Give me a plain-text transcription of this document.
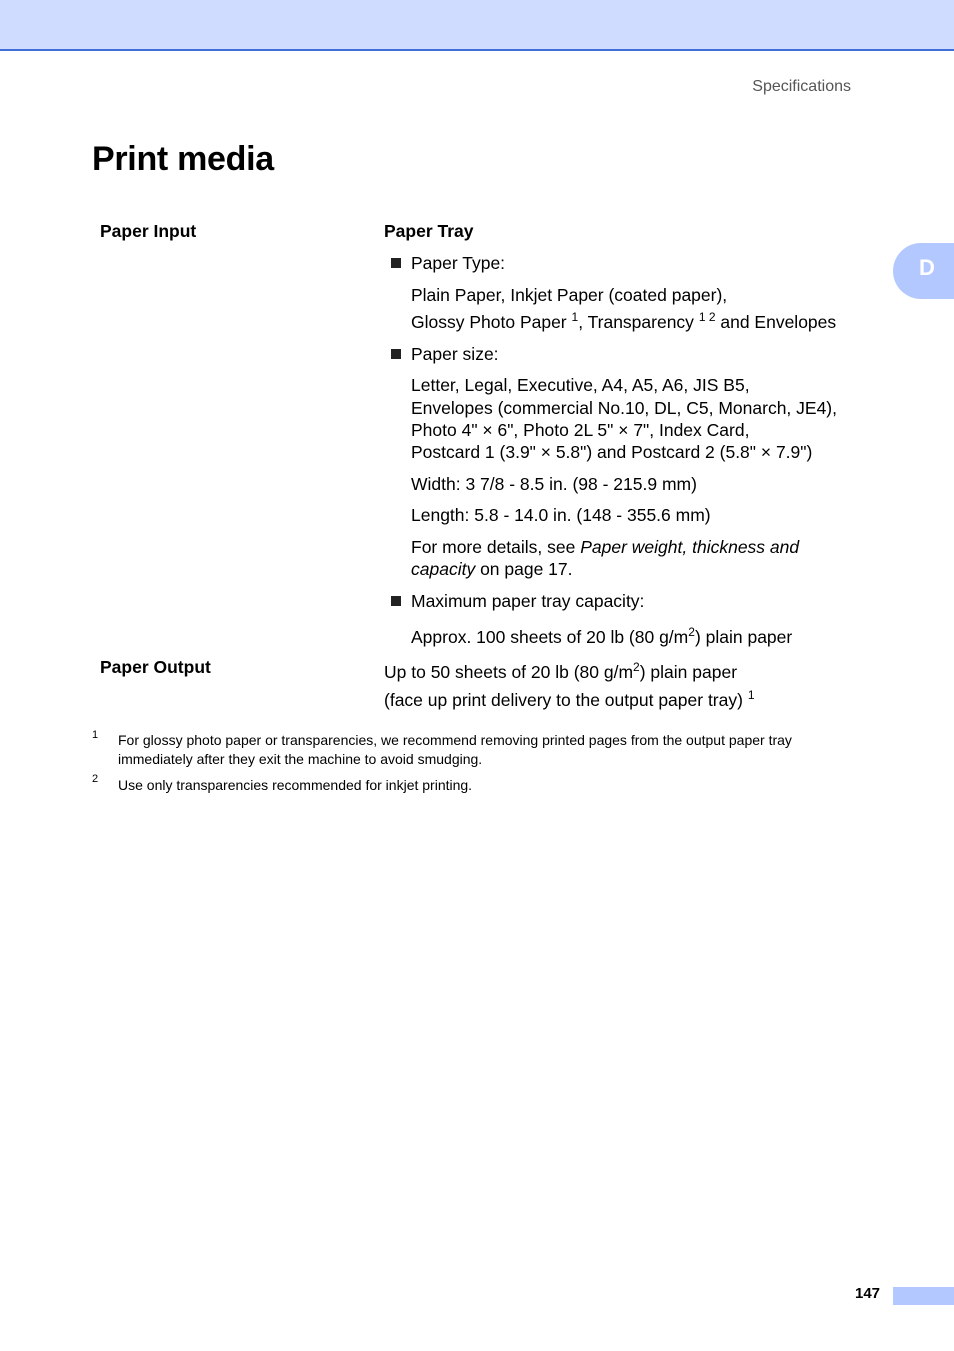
Specifications
Print media
D
Paper Input	Paper Tray
Paper Type:
Plain Paper, Inkjet Paper (coated paper),
Glossy Photo Paper $^1$, Transparency $^{1 2}$ and Envelopes
Paper size:
Letter, Legal, Executive, A4, A5, A6, JIS B5,
Envelopes (commercial No.10, DL, C5, Monarch, JE4),
Photo 4" × 6", Photo 2L 5" × 7", Index Card,
Postcard 1 (3.9" × 5.8") and Postcard 2 (5.8" × 7.9")
Width: 3 7/8 - 8.5 in. (98 - 215.9 mm)
Length: 5.8 - 14.0 in. (148 - 355.6 mm)
For more details, see Paper weight, thickness and
capacity on page 17.
Maximum paper tray capacity:
Approx. 100 sheets of 20 lb (80 $g/m^2$) plain paper
Paper Output	Up to 50 sheets of 20 lb (80 $g/m^2$) plain paper
(face up print delivery to the output paper tray) $^1$
1 For glossy photo paper or transparencies, we recommend removing printed pages from the output paper tray
immediately after they exit the machine to avoid smudging.
2 Use only transparencies recommended for inkjet printing.
147
